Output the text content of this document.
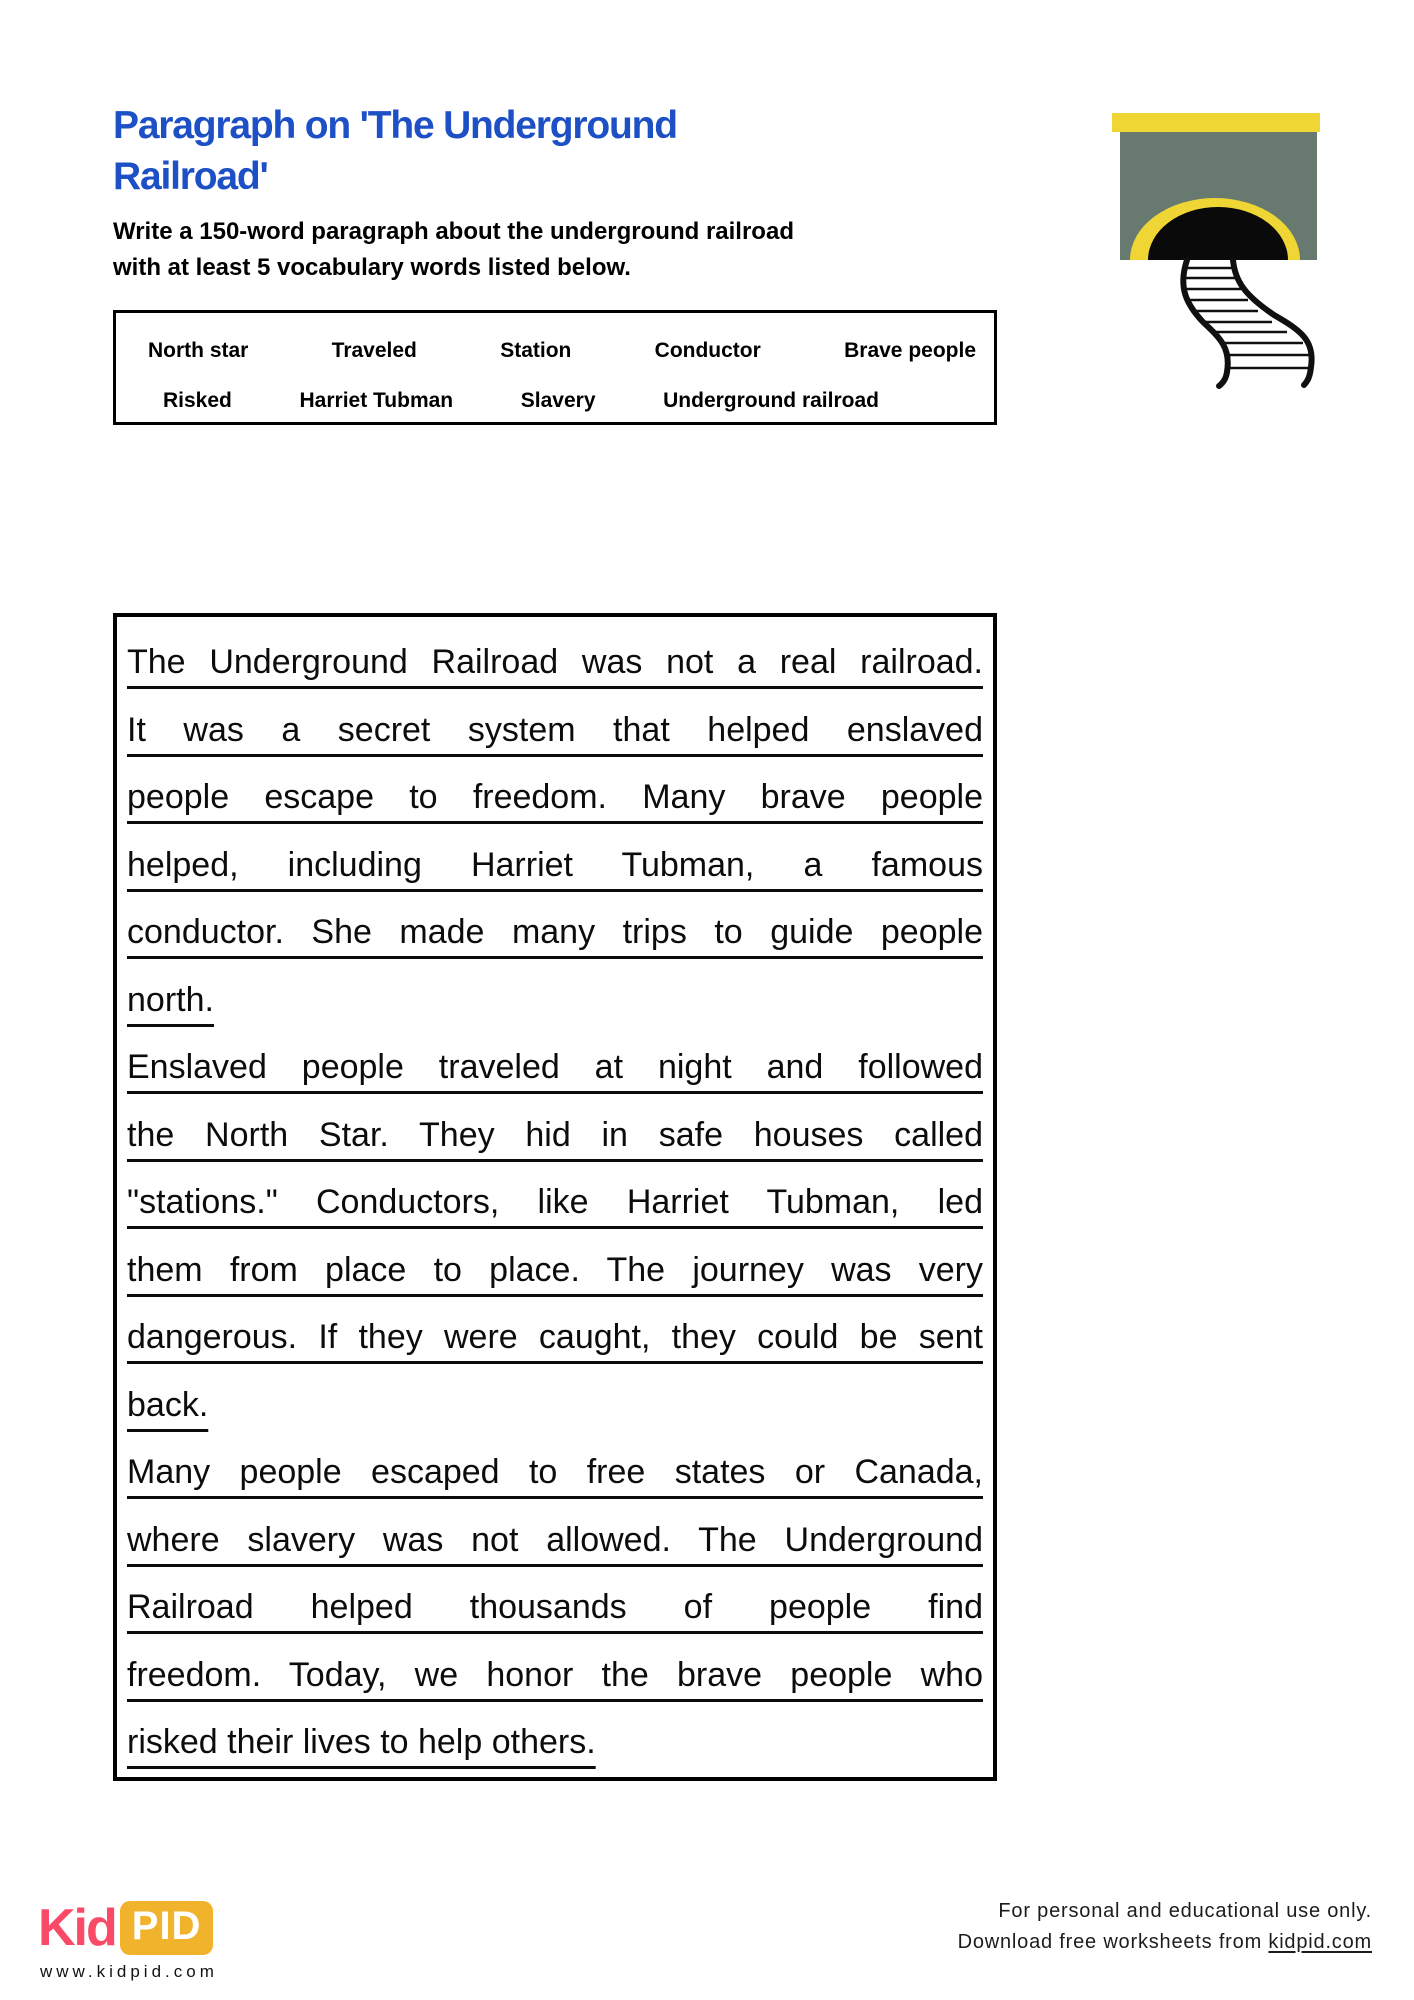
Paragraph on 'The Underground
Railroad'
Write a 150-word paragraph about the underground railroad
with at least 5 vocabulary words listed below.
North star	Traveled	Station	Conductor	Brave people
Risked	Harriet Tubman	Slavery	Underground railroad
The Underground Railroad was not a real railroad.
It was a secret system that helped enslaved
people escape to freedom. Many brave people
helped, including Harriet Tubman, a famous
conductor. She made many trips to guide people
north.
Enslaved people traveled at night and followed
the North Star. They hid in safe houses called
"stations." Conductors, like Harriet Tubman, led
them from place to place. The journey was very
dangerous. If they were caught, they could be sent
back.
Many people escaped to free states or Canada,
where slavery was not allowed. The Underground
Railroad helped thousands of people find
freedom. Today, we honor the brave people who
risked their lives to help others.
Kid PID
www.kidpid.com
For personal and educational use only.
Download free worksheets from kidpid.com
